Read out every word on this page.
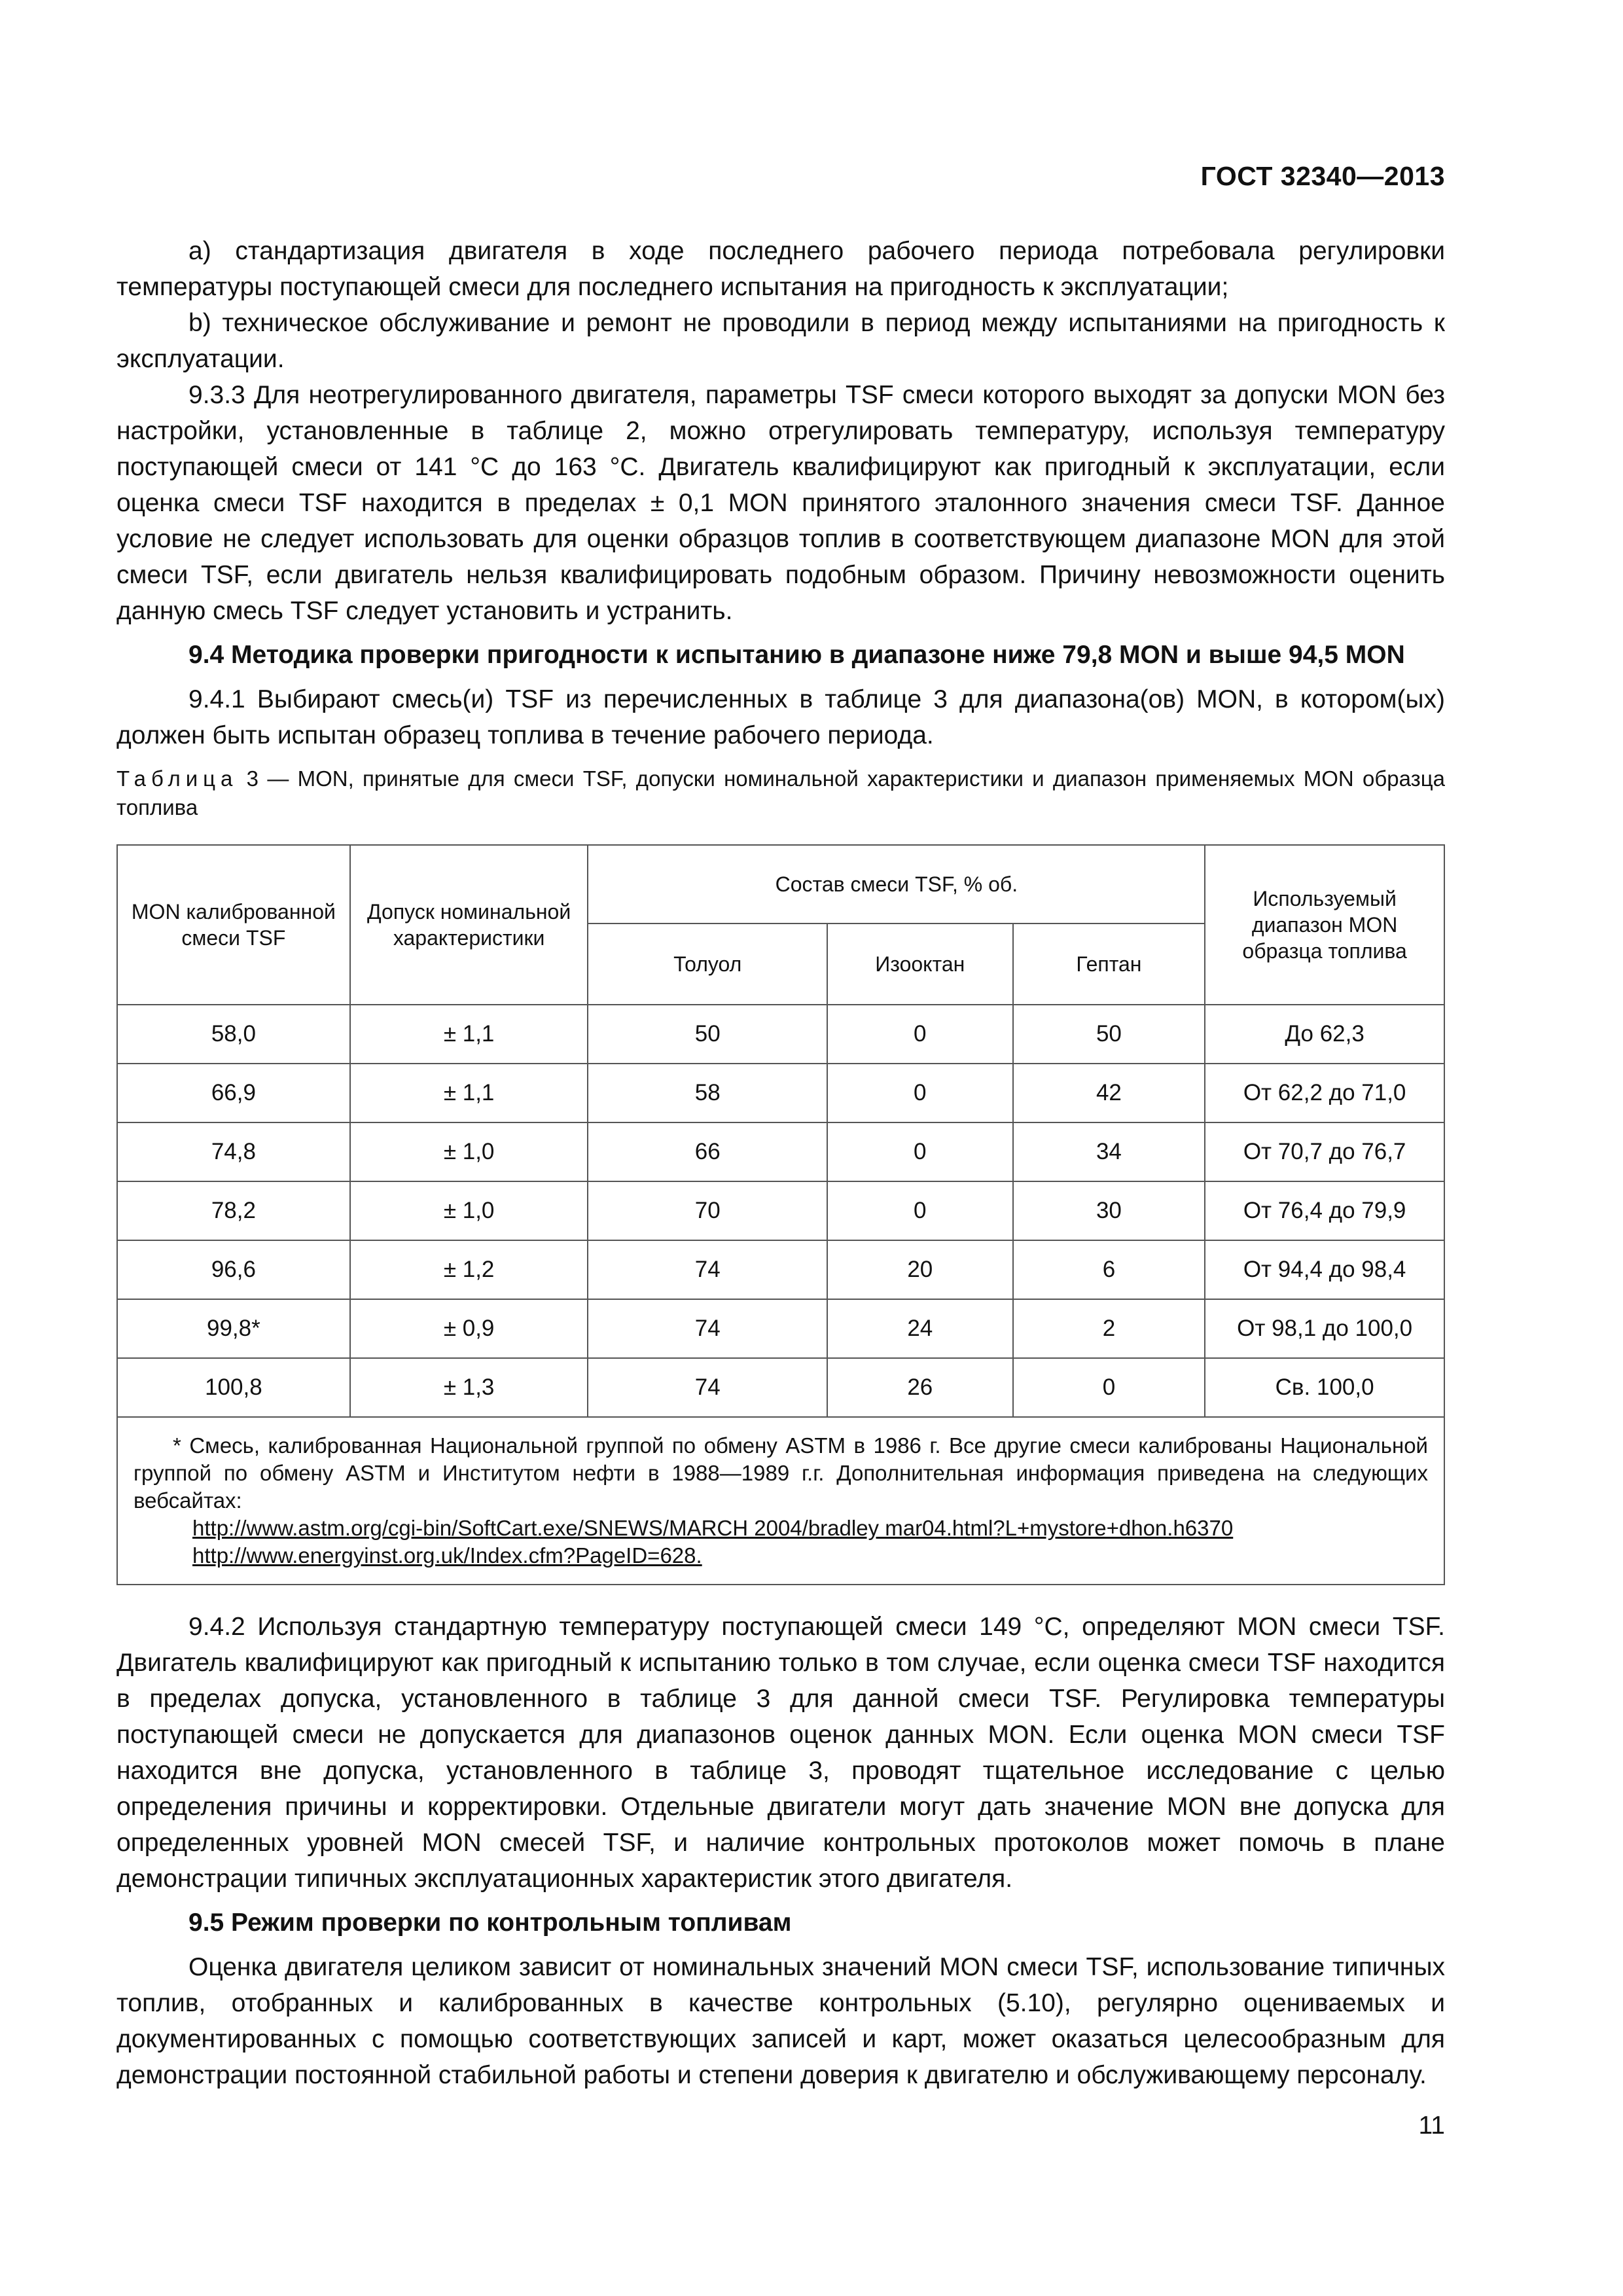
ГОСТ 32340—2013

а) стандартизация двигателя в ходе последнего рабочего периода потребовала регулировки температуры поступающей смеси для последнего испытания на пригодность к эксплуатации;

b) техническое обслуживание и ремонт не проводили в период между испытаниями на пригодность к эксплуатации.

9.3.3 Для неотрегулированного двигателя, параметры TSF смеси которого выходят за допуски MON без настройки, установленные в таблице 2, можно отрегулировать температуру, используя температуру поступающей смеси от 141 °C до 163 °C. Двигатель квалифицируют как пригодный к эксплуатации, если оценка смеси TSF находится в пределах ± 0,1 MON принятого эталонного значения смеси TSF. Данное условие не следует использовать для оценки образцов топлив в соответствующем диапазоне MON для этой смеси TSF, если двигатель нельзя квалифицировать подобным образом. Причину невозможности оценить данную смесь TSF следует установить и устранить.

9.4 Методика проверки пригодности к испытанию в диапазоне ниже 79,8 MON и выше 94,5 MON

9.4.1 Выбирают смесь(и) TSF из перечисленных в таблице 3 для диапазона(ов) MON, в котором(ых) должен быть испытан образец топлива в течение рабочего периода.

Таблица 3 — MON, принятые для смеси TSF, допуски номинальной характеристики и диапазон применяемых MON образца топлива
MON калиброванной смеси TSF	Допуск номинальной характеристики	Состав смеси TSF, % об.			Используемый диапазон MON образца топлива
		Толуол	Изооктан	Гептан	
58,0	± 1,1	50	0	50	До 62,3
66,9	± 1,1	58	0	42	От 62,2 до 71,0
74,8	± 1,0	66	0	34	От 70,7 до 76,7
78,2	± 1,0	70	0	30	От 76,4 до 79,9
96,6	± 1,2	74	20	6	От 94,4 до 98,4
99,8*	± 0,9	74	24	2	От 98,1 до 100,0
100,8	± 1,3	74	26	0	Св. 100,0

* Смесь, калиброванная Национальной группой по обмену ASTM в 1986 г. Все другие смеси калиброваны Национальной группой по обмену ASTM и Институтом нефти в 1988—1989 г.г. Дополнительная информация приведена на следующих вебсайтах:

http://www.astm.org/cgi-bin/SoftCart.exe/SNEWS/MARCH 2004/bradley mar04.html?L+mystore+dhon.h6370
http://www.energyinst.org.uk/Index.cfm?PageID=628.					

9.4.2 Используя стандартную температуру поступающей смеси 149 °C, определяют MON смеси TSF. Двигатель квалифицируют как пригодный к испытанию только в том случае, если оценка смеси TSF находится в пределах допуска, установленного в таблице 3 для данной смеси TSF. Регулировка температуры поступающей смеси не допускается для диапазонов оценок данных MON. Если оценка MON смеси TSF находится вне допуска, установленного в таблице 3, проводят тщательное исследование с целью определения причины и корректировки. Отдельные двигатели могут дать значение MON вне допуска для определенных уровней MON смесей TSF, и наличие контрольных протоколов может помочь в плане демонстрации типичных эксплуатационных характеристик этого двигателя.

9.5 Режим проверки по контрольным топливам

Оценка двигателя целиком зависит от номинальных значений MON смеси TSF, использование типичных топлив, отобранных и калиброванных в качестве контрольных (5.10), регулярно оцениваемых и документированных с помощью соответствующих записей и карт, может оказаться целесообразным для демонстрации постоянной стабильной работы и степени доверия к двигателю и обслуживающему персоналу.

11
